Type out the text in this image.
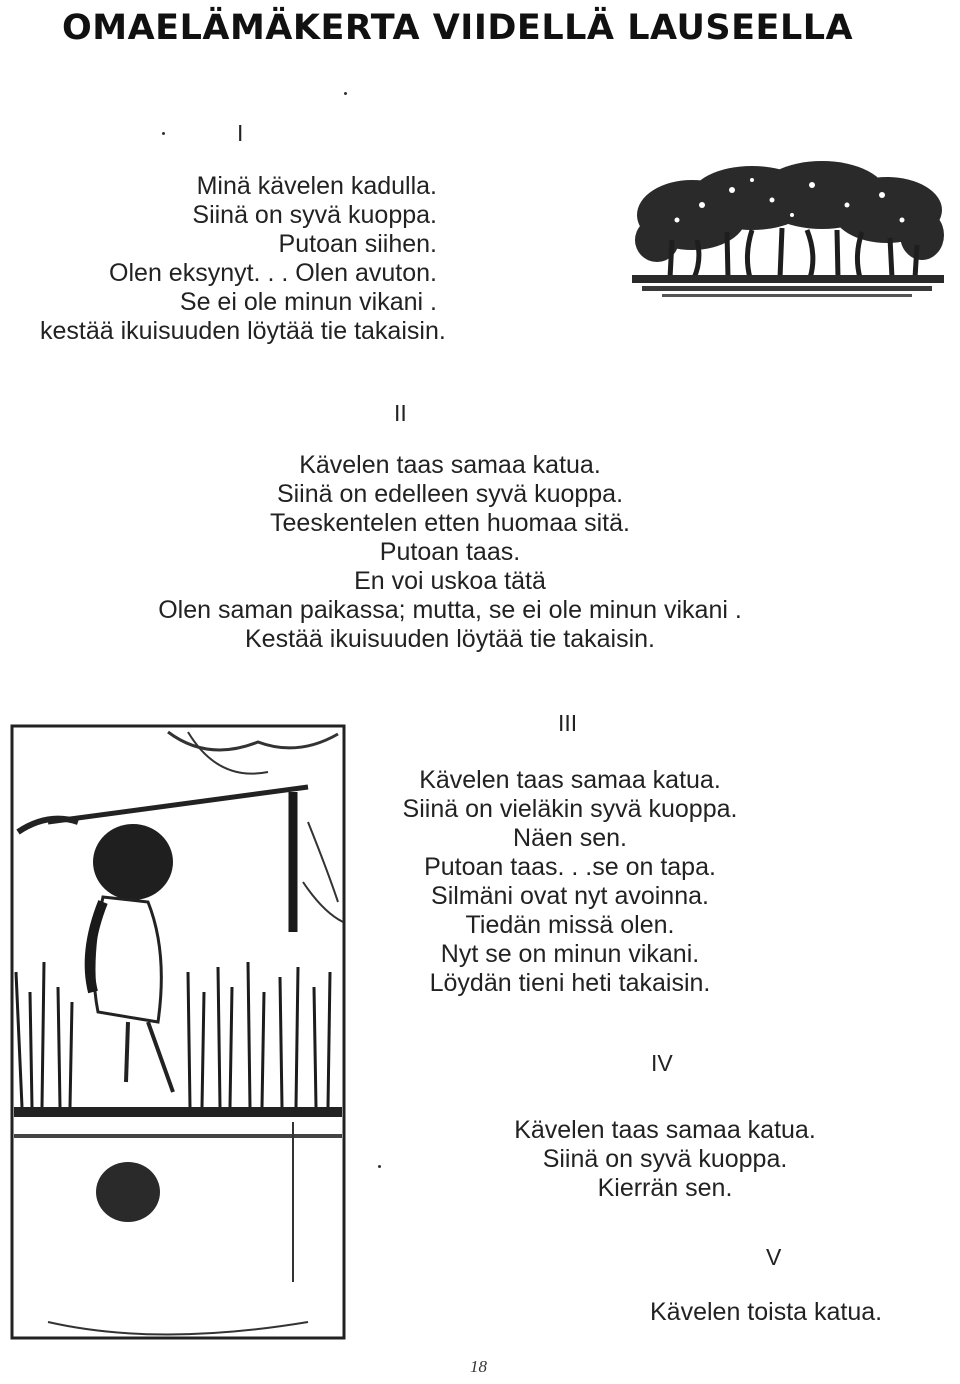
OMAELÄMÄKERTA VIIDELLÄ LAUSEELLA
I
Minä kävelen kadulla.
Siinä on syvä kuoppa.
Putoan siihen.
Olen eksynyt. . . Olen avuton.
Se ei ole minun vikani .
kestää ikuisuuden löytää tie takaisin.
II
Kävelen taas samaa katua.
Siinä on edelleen syvä kuoppa.
Teeskentelen etten huomaa sitä.
Putoan taas.
En voi uskoa tätä
Olen saman paikassa; mutta, se ei ole minun vikani .
Kestää ikuisuuden löytää tie takaisin.
III
Kävelen taas samaa katua.
Siinä on vieläkin syvä kuoppa.
Näen sen.
Putoan taas. . .se on tapa.
Silmäni ovat nyt avoinna.
Tiedän missä olen.
Nyt se on minun vikani.
Löydän tieni heti takaisin.
IV
Kävelen taas samaa katua.
Siinä on syvä kuoppa.
Kierrän sen.
V
Kävelen toista katua.
18
